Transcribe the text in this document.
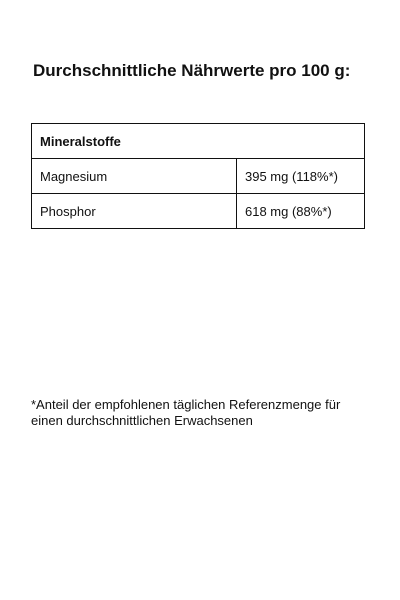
Durchschnittliche Nährwerte pro 100 g:
Mineralstoffe	
Magnesium	395 mg (118%*)
Phosphor	618 mg (88%*)
*Anteil der empfohlenen täglichen Referenzmenge für einen durchschnittlichen Erwachsenen
